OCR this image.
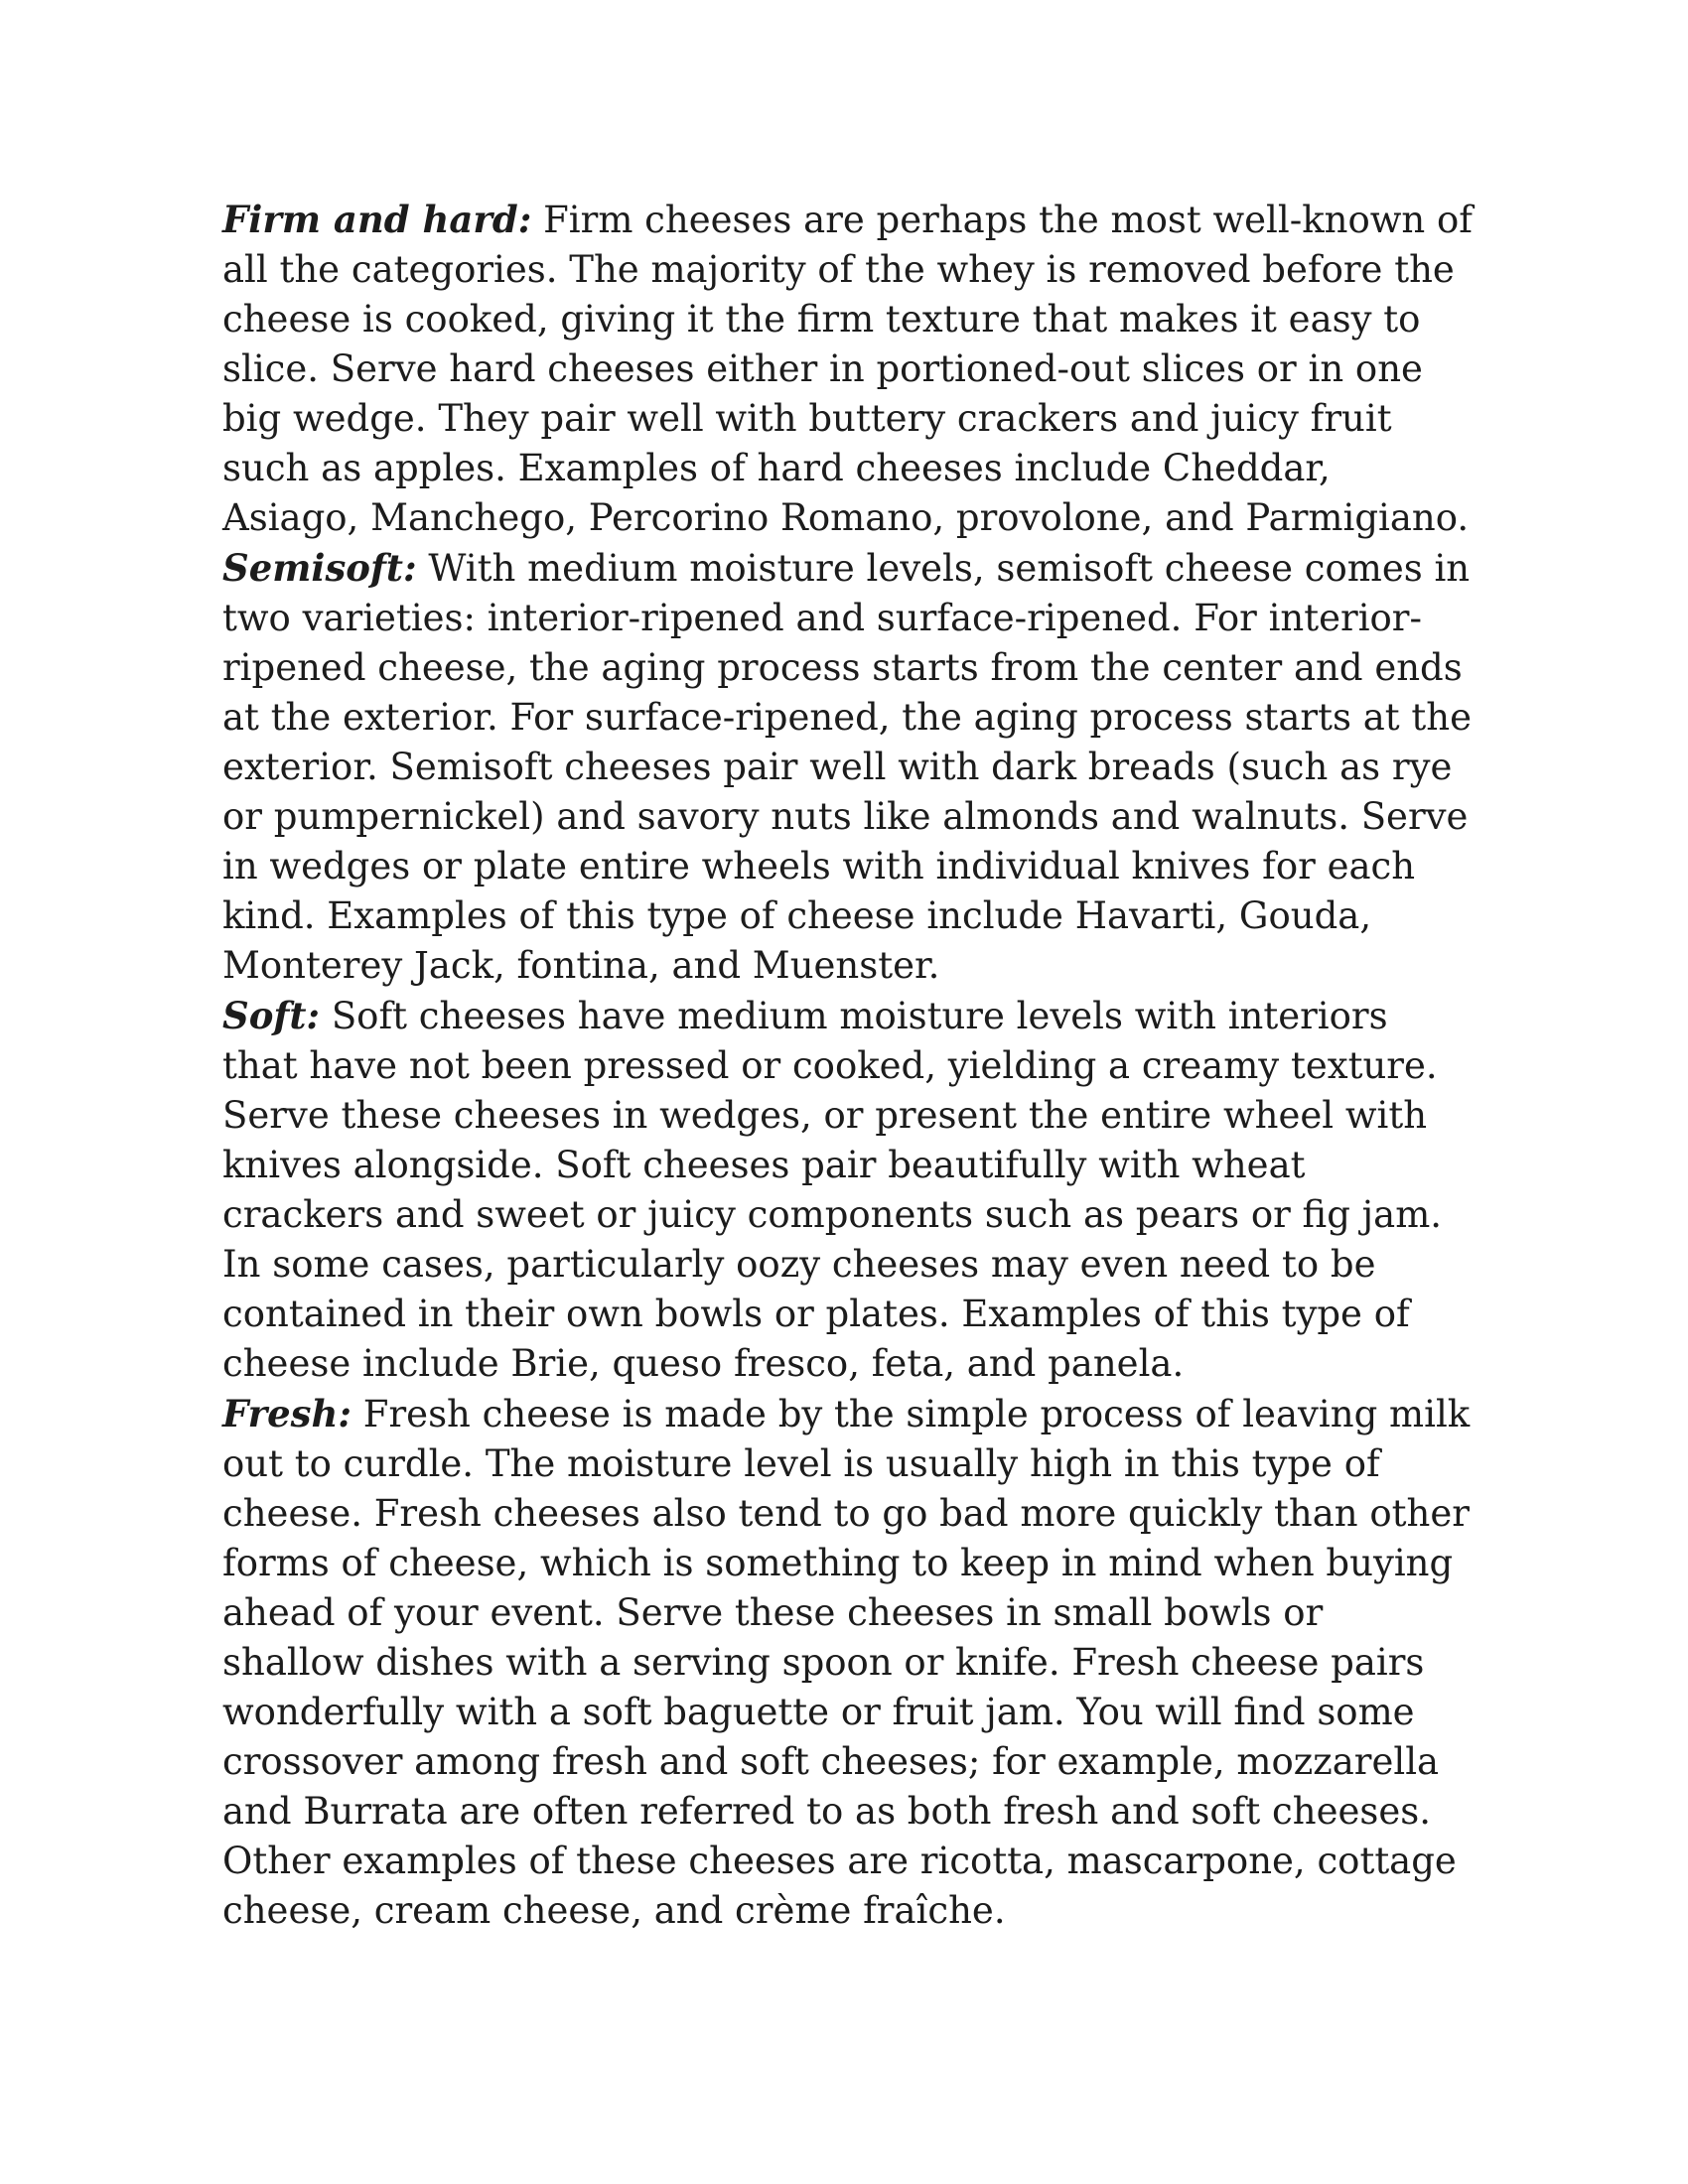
Firm and hard: Firm cheeses are perhaps the most well-known of all the categories. The majority of the whey is removed before the cheese is cooked, giving it the firm texture that makes it easy to slice. Serve hard cheeses either in portioned-out slices or in one big wedge. They pair well with buttery crackers and juicy fruit such as apples. Examples of hard cheeses include Cheddar, Asiago, Manchego, Percorino Romano, provolone, and Parmigiano.

Semisoft: With medium moisture levels, semisoft cheese comes in two varieties: interior-ripened and surface-ripened. For interior-ripened cheese, the aging process starts from the center and ends at the exterior. For surface-ripened, the aging process starts at the exterior. Semisoft cheeses pair well with dark breads (such as rye or pumpernickel) and savory nuts like almonds and walnuts. Serve in wedges or plate entire wheels with individual knives for each kind. Examples of this type of cheese include Havarti, Gouda, Monterey Jack, fontina, and Muenster.

Soft: Soft cheeses have medium moisture levels with interiors that have not been pressed or cooked, yielding a creamy texture. Serve these cheeses in wedges, or present the entire wheel with knives alongside. Soft cheeses pair beautifully with wheat crackers and sweet or juicy components such as pears or fig jam. In some cases, particularly oozy cheeses may even need to be contained in their own bowls or plates. Examples of this type of cheese include Brie, queso fresco, feta, and panela.

Fresh: Fresh cheese is made by the simple process of leaving milk out to curdle. The moisture level is usually high in this type of cheese. Fresh cheeses also tend to go bad more quickly than other forms of cheese, which is something to keep in mind when buying ahead of your event. Serve these cheeses in small bowls or shallow dishes with a serving spoon or knife. Fresh cheese pairs wonderfully with a soft baguette or fruit jam. You will find some crossover among fresh and soft cheeses; for example, mozzarella and Burrata are often referred to as both fresh and soft cheeses. Other examples of these cheeses are ricotta, mascarpone, cottage cheese, cream cheese, and crème fraîche.
